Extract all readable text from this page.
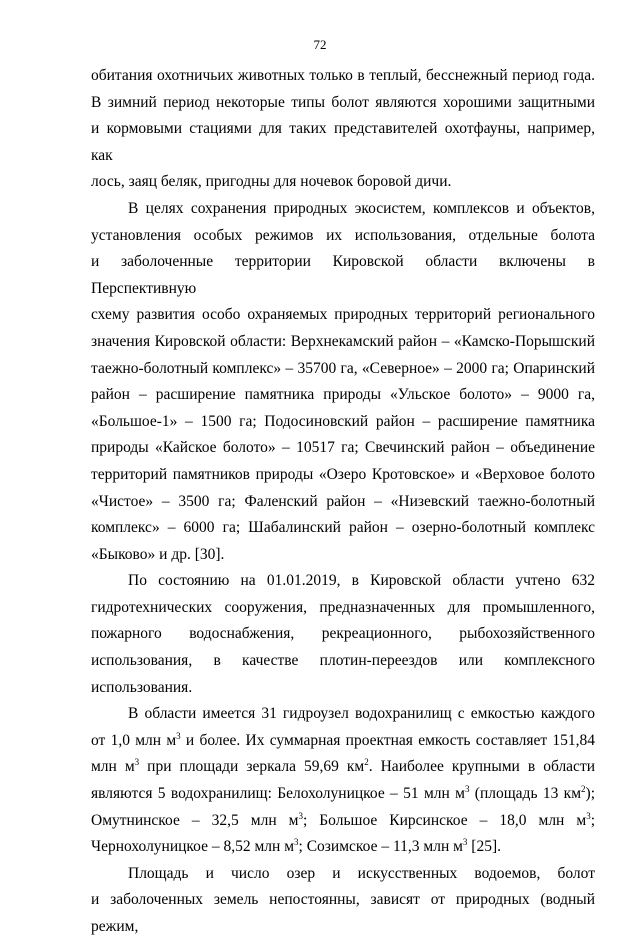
72

обитания охотничьих животных только в теплый, бесснежный период года.

В зимний период некоторые типы болот являются хорошими защитными

и кормовыми стациями для таких представителей охотфауны, например, как

лось, заяц беляк, пригодны для ночевок боровой дичи.

В целях сохранения природных экосистем, комплексов и объектов,

установления особых режимов их использования, отдельные болота

и заболоченные территории Кировской области включены в Перспективную

схему развития особо охраняемых природных территорий регионального

значения Кировской области: Верхнекамский район – «Камско-Порышский

таежно-болотный комплекс» – 35700 га, «Северное» – 2000 га; Опаринский

район – расширение памятника природы «Ульское болото» – 9000 га,

«Большое-1» – 1500 га; Подосиновский район – расширение памятника

природы «Кайское болото» – 10517 га; Свечинский район – объединение

территорий памятников природы «Озеро Кротовское» и «Верховое болото

«Чистое» – 3500 га; Фаленский район – «Низевский таежно-болотный

комплекс» – 6000 га; Шабалинский район – озерно-болотный комплекс

«Быково» и др. [30].

По состоянию на 01.01.2019, в Кировской области учтено 632

гидротехнических сооружения, предназначенных для промышленного,

пожарного водоснабжения, рекреационного, рыбохозяйственного

использования, в качестве плотин-переездов или комплексного

использования.

В области имеется 31 гидроузел водохранилищ с емкостью каждого

от 1,0 млн $м^3$ и более. Их суммарная проектная емкость составляет 151,84

млн $м^3$ при площади зеркала 59,69 $км^2$. Наиболее крупными в области

являются 5 водохранилищ: Белохолуницкое – 51 млн $м^3$ (площадь 13 $км^2$);

Омутнинское – 32,5 млн $м^3$; Большое Кирсинское – 18,0 млн $м^3$;

Чернохолуницкое – 8,52 млн $м^3$; Созимское – 11,3 млн $м^3$ [25].

Площадь и число озер и искусственных водоемов, болот

и заболоченных земель непостоянны, зависят от природных (водный режим,
